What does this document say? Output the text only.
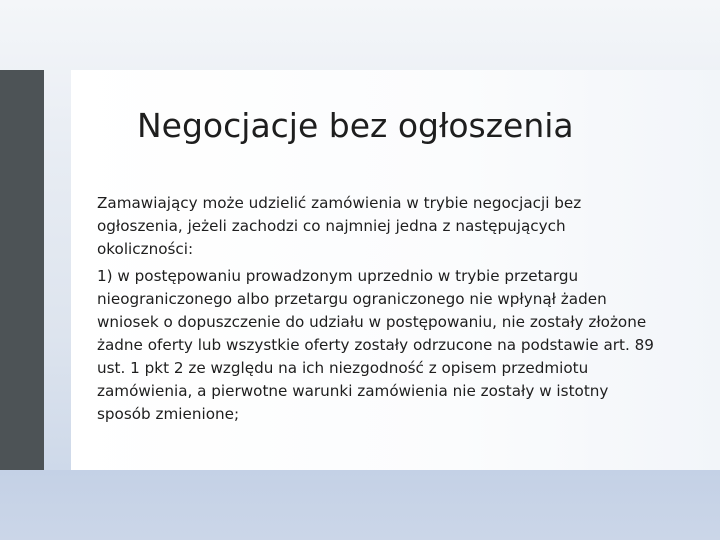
Negocjacje bez ogłoszenia

Zamawiający może udzielić zamówienia w trybie negocjacji bez ogłoszenia, jeżeli zachodzi co najmniej jedna z następujących okoliczności:

1) w postępowaniu prowadzonym uprzednio w trybie przetargu nieograniczonego albo przetargu ograniczonego nie wpłynął żaden wniosek o dopuszczenie do udziału w postępowaniu, nie zostały złożone żadne oferty lub wszystkie oferty zostały odrzucone na podstawie art. 89 ust. 1 pkt 2 ze względu na ich niezgodność z opisem przedmiotu zamówienia, a pierwotne warunki zamówienia nie zostały w istotny sposób zmienione;
